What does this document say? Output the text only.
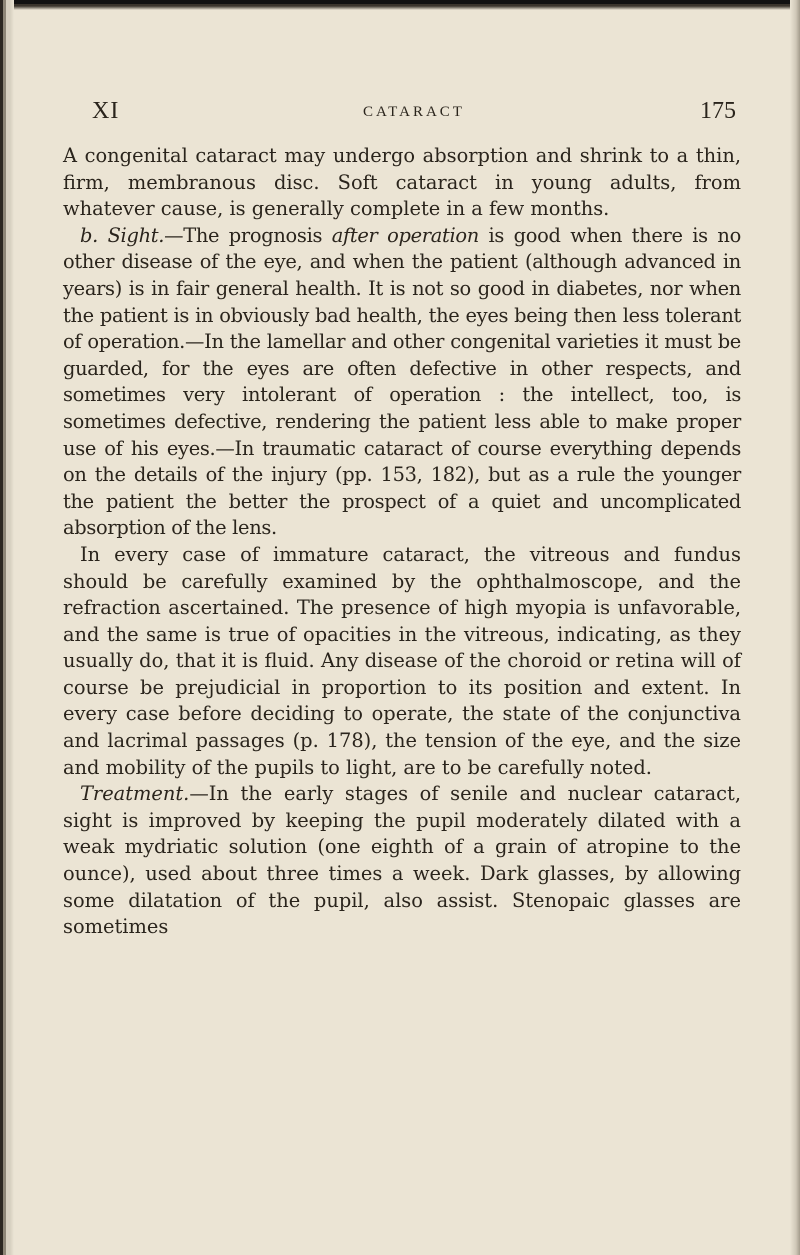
XI	CATARACT	175

A congenital cataract may undergo absorption and shrink to a thin, firm, membranous disc. Soft cataract in young adults, from whatever cause, is generally complete in a few months.

b. Sight.—The prognosis after operation is good when there is no other disease of the eye, and when the patient (although advanced in years) is in fair general health. It is not so good in diabetes, nor when the patient is in obviously bad health, the eyes being then less tolerant of operation.—In the lamellar and other congenital varieties it must be guarded, for the eyes are often defective in other respects, and sometimes very intolerant of operation : the intellect, too, is sometimes defective, rendering the patient less able to make proper use of his eyes.—In traumatic cataract of course everything depends on the details of the injury (pp. 153, 182), but as a rule the younger the patient the better the prospect of a quiet and uncomplicated absorption of the lens.

In every case of immature cataract, the vitreous and fundus should be carefully examined by the ophthalmoscope, and the refraction ascertained. The presence of high myopia is unfavorable, and the same is true of opacities in the vitreous, indicating, as they usually do, that it is fluid. Any disease of the choroid or retina will of course be prejudicial in proportion to its position and extent. In every case before deciding to operate, the state of the conjunctiva and lacrimal passages (p. 178), the tension of the eye, and the size and mobility of the pupils to light, are to be carefully noted.

Treatment.—In the early stages of senile and nuclear cataract, sight is improved by keeping the pupil moderately dilated with a weak mydriatic solution (one eighth of a grain of atropine to the ounce), used about three times a week. Dark glasses, by allowing some dilatation of the pupil, also assist. Stenopaic glasses are sometimes
